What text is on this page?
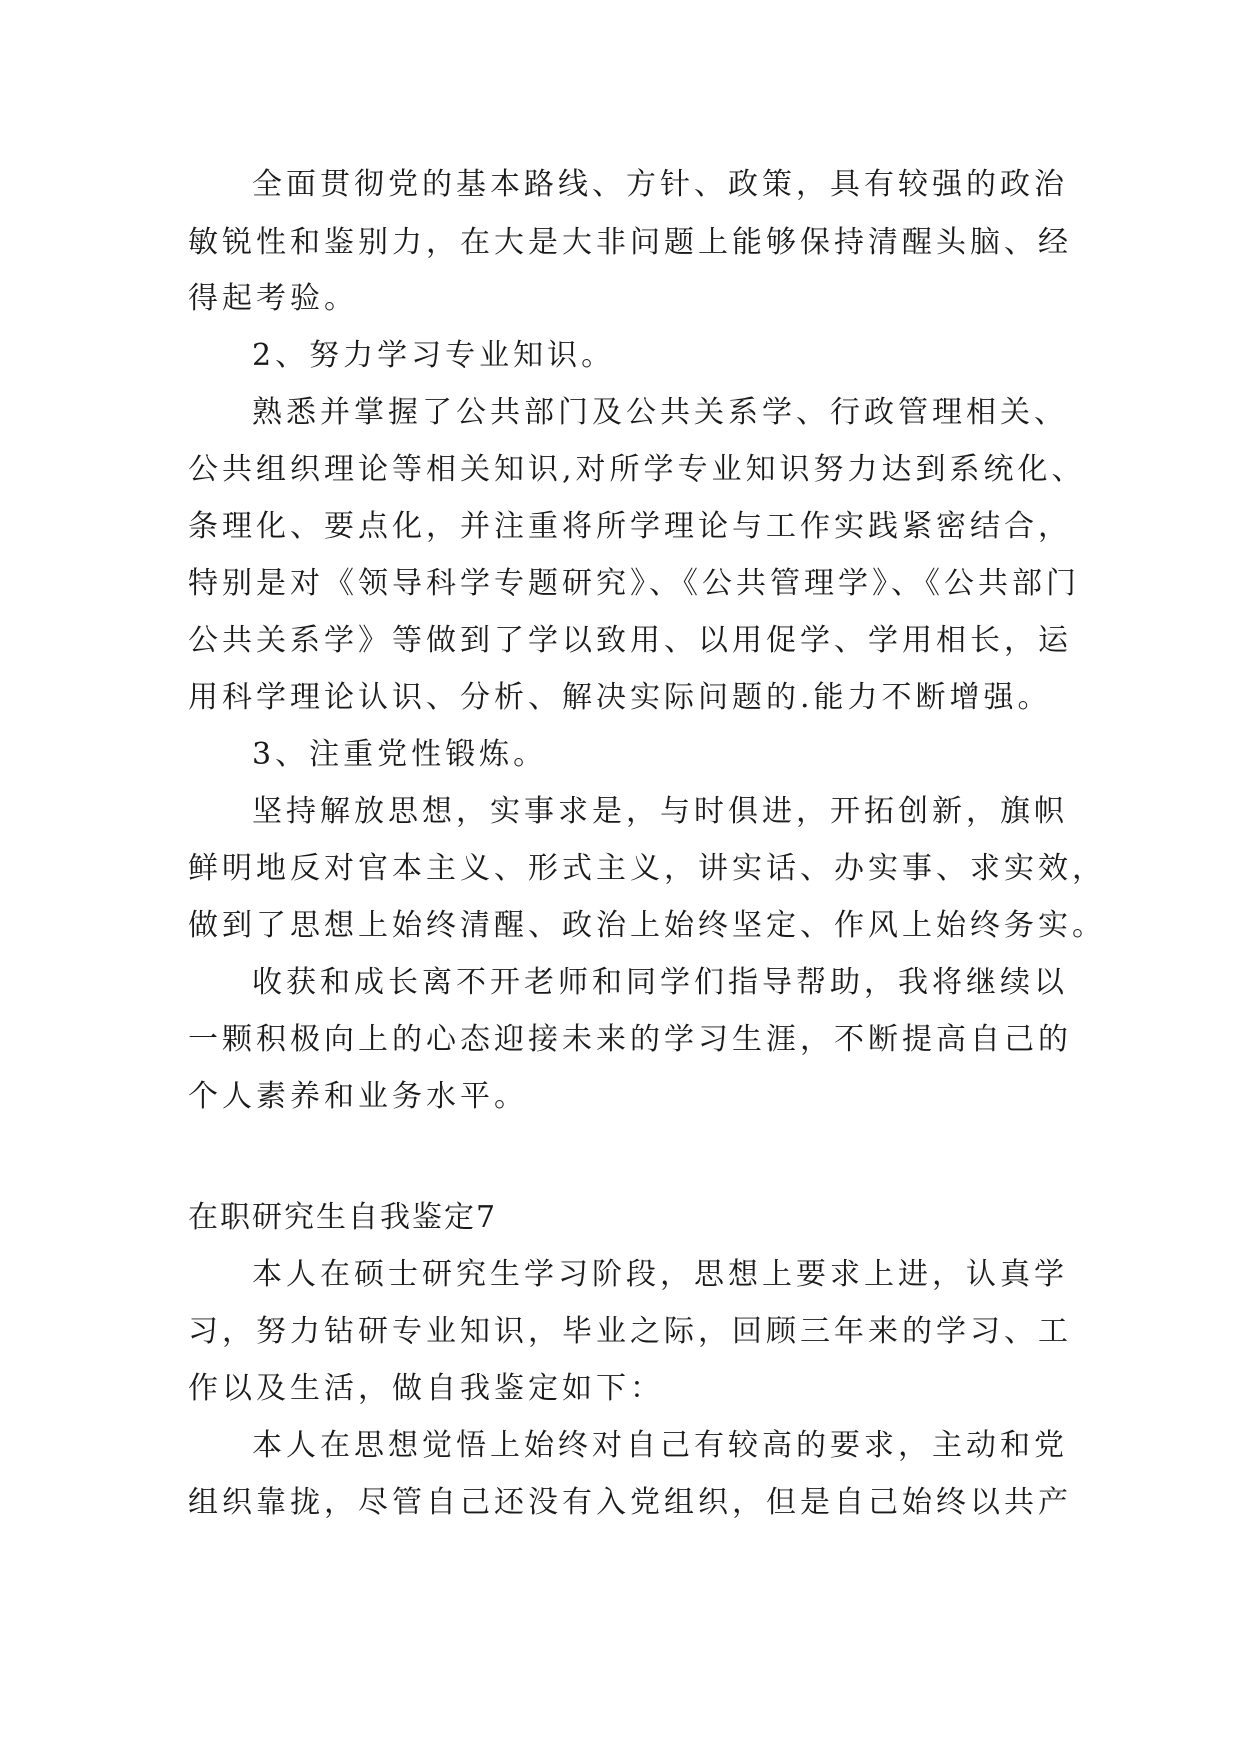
全面贯彻党的基本路线、方针、政策，具有较强的政治

敏锐性和鉴别力，在大是大非问题上能够保持清醒头脑、经

得起考验。

2、努力学习专业知识。

熟悉并掌握了公共部门及公共关系学、行政管理相关、

公共组织理论等相关知识,对所学专业知识努力达到系统化、

条理化、要点化，并注重将所学理论与工作实践紧密结合，

特别是对《领导科学专题研究》、《公共管理学》、《公共部门

公共关系学》等做到了学以致用、以用促学、学用相长，运

用科学理论认识、分析、解决实际问题的.能力不断增强。

3、注重党性锻炼。

坚持解放思想，实事求是，与时俱进，开拓创新，旗帜

鲜明地反对官本主义、形式主义，讲实话、办实事、求实效，

做到了思想上始终清醒、政治上始终坚定、作风上始终务实。

收获和成长离不开老师和同学们指导帮助，我将继续以

一颗积极向上的心态迎接未来的学习生涯，不断提高自己的

个人素养和业务水平。

在职研究生自我鉴定7

本人在硕士研究生学习阶段，思想上要求上进，认真学

习，努力钻研专业知识，毕业之际，回顾三年来的学习、工

作以及生活，做自我鉴定如下：

本人在思想觉悟上始终对自己有较高的要求，主动和党

组织靠拢，尽管自己还没有入党组织，但是自己始终以共产
